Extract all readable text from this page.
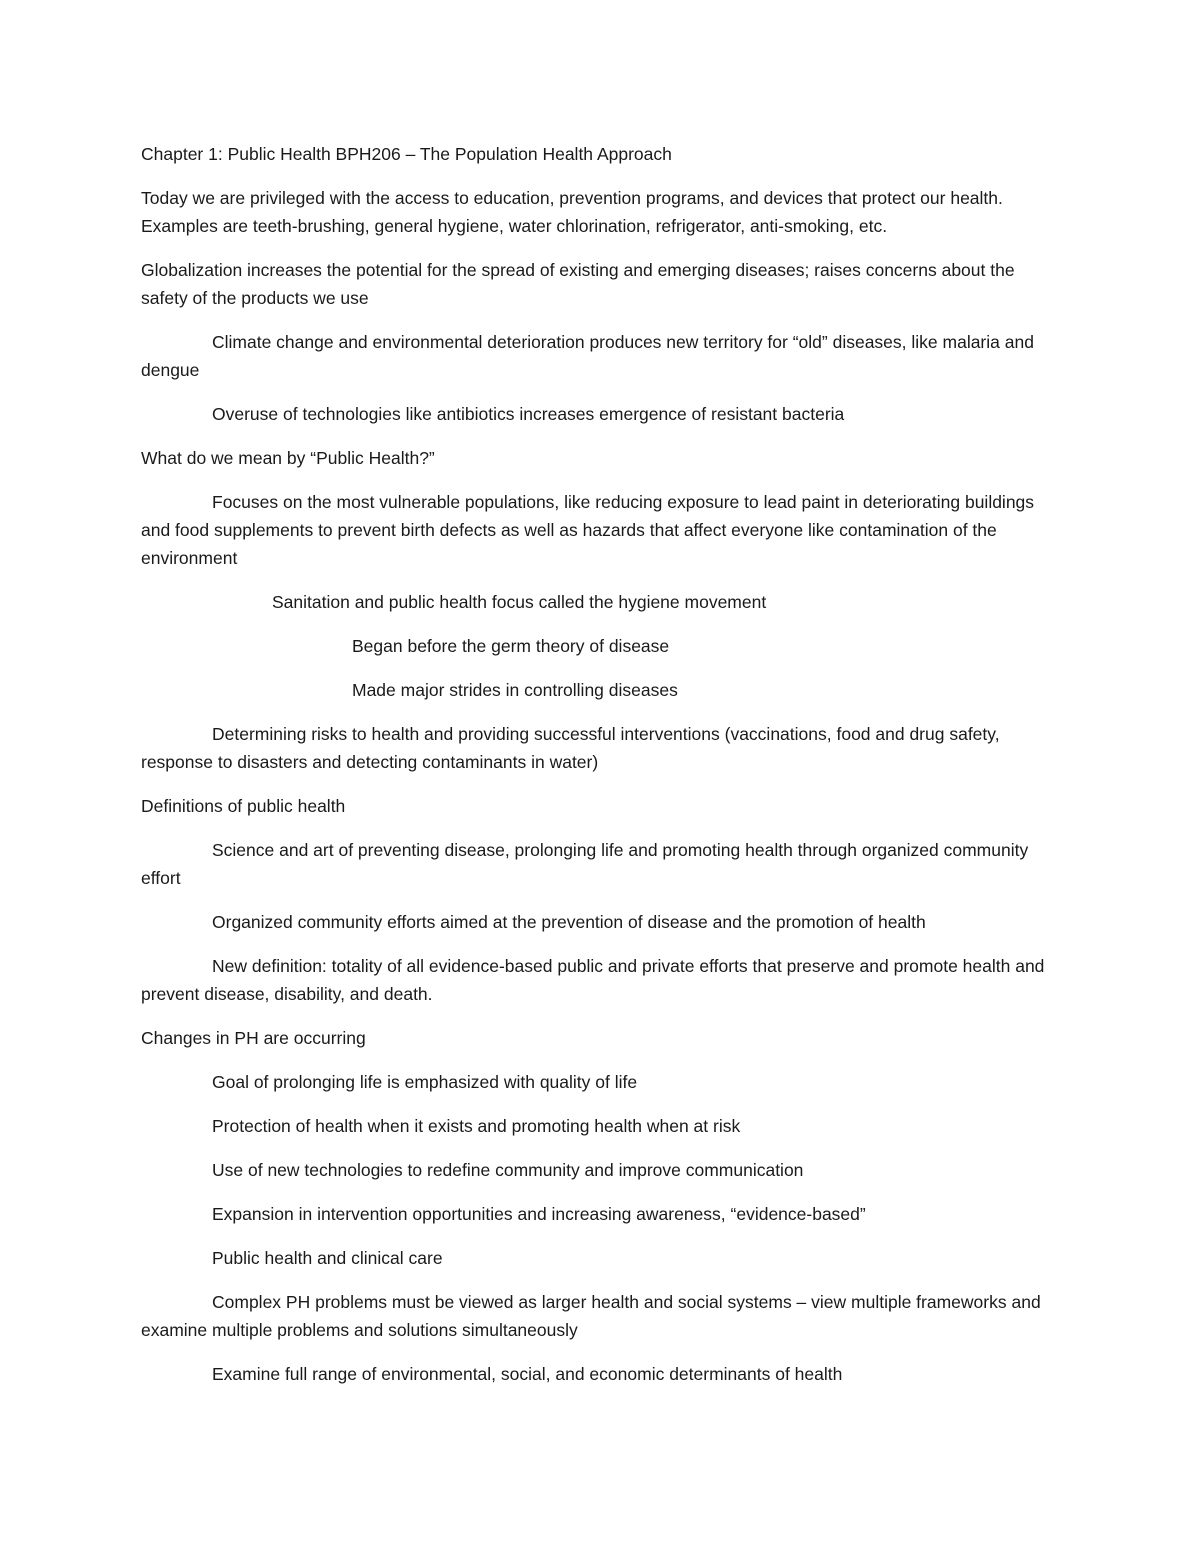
Chapter 1: Public Health BPH206 – The Population Health Approach

Today we are privileged with the access to education, prevention programs, and devices that protect our health. Examples are teeth-brushing, general hygiene, water chlorination, refrigerator, anti-smoking, etc.

Globalization increases the potential for the spread of existing and emerging diseases; raises concerns about the safety of the products we use

Climate change and environmental deterioration produces new territory for “old” diseases, like malaria and dengue

Overuse of technologies like antibiotics increases emergence of resistant bacteria

What do we mean by “Public Health?”

Focuses on the most vulnerable populations, like reducing exposure to lead paint in deteriorating buildings and food supplements to prevent birth defects as well as hazards that affect everyone like contamination of the environment

Sanitation and public health focus called the hygiene movement

Began before the germ theory of disease

Made major strides in controlling diseases

Determining risks to health and providing successful interventions (vaccinations, food and drug safety, response to disasters and detecting contaminants in water)

Definitions of public health

Science and art of preventing disease, prolonging life and promoting health through organized community effort

Organized community efforts aimed at the prevention of disease and the promotion of health

New definition: totality of all evidence-based public and private efforts that preserve and promote health and prevent disease, disability, and death.

Changes in PH are occurring

Goal of prolonging life is emphasized with quality of life

Protection of health when it exists and promoting health when at risk

Use of new technologies to redefine community and improve communication

Expansion in intervention opportunities and increasing awareness, “evidence-based”

Public health and clinical care

Complex PH problems must be viewed as larger health and social systems – view multiple frameworks and examine multiple problems and solutions simultaneously

Examine full range of environmental, social, and economic determinants of health
